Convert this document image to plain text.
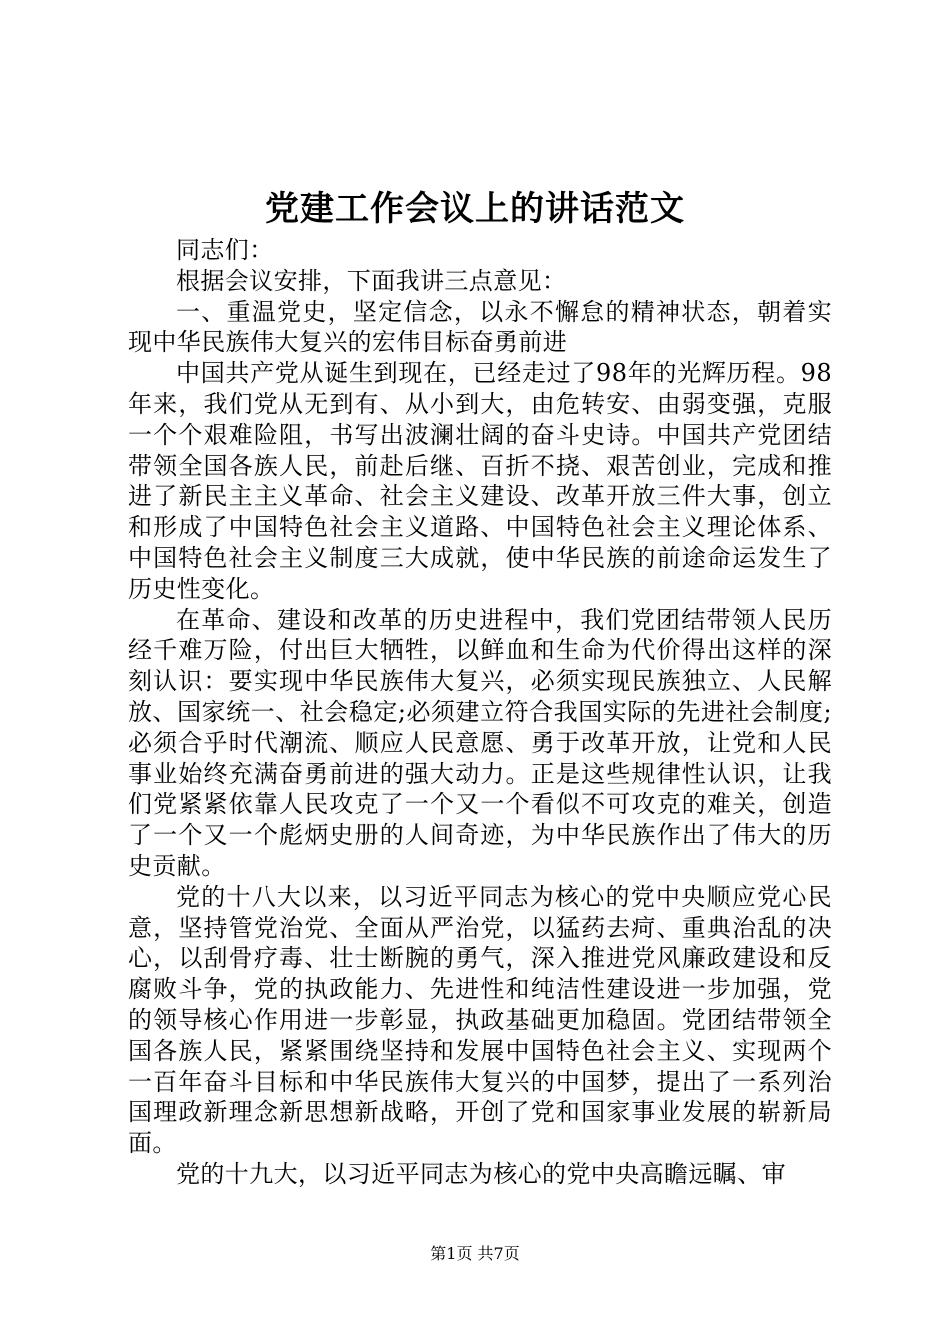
党建工作会议上的讲话范文

同志们：

根据会议安排，下面我讲三点意见：

一、重温党史，坚定信念，以永不懈怠的精神状态，朝着实现中华民族伟大复兴的宏伟目标奋勇前进

中国共产党从诞生到现在，已经走过了98年的光辉历程。98年来，我们党从无到有、从小到大，由危转安、由弱变强，克服一个个艰难险阻，书写出波澜壮阔的奋斗史诗。中国共产党团结带领全国各族人民，前赴后继、百折不挠、艰苦创业，完成和推进了新民主主义革命、社会主义建设、改革开放三件大事，创立和形成了中国特色社会主义道路、中国特色社会主义理论体系、中国特色社会主义制度三大成就，使中华民族的前途命运发生了历史性变化。

在革命、建设和改革的历史进程中，我们党团结带领人民历经千难万险，付出巨大牺牲，以鲜血和生命为代价得出这样的深刻认识：要实现中华民族伟大复兴，必须实现民族独立、人民解放、国家统一、社会稳定;必须建立符合我国实际的先进社会制度;必须合乎时代潮流、顺应人民意愿、勇于改革开放，让党和人民事业始终充满奋勇前进的强大动力。正是这些规律性认识，让我们党紧紧依靠人民攻克了一个又一个看似不可攻克的难关，创造了一个又一个彪炳史册的人间奇迹，为中华民族作出了伟大的历史贡献。

党的十八大以来，以习近平同志为核心的党中央顺应党心民意，坚持管党治党、全面从严治党，以猛药去疴、重典治乱的决心，以刮骨疗毒、壮士断腕的勇气，深入推进党风廉政建设和反腐败斗争，党的执政能力、先进性和纯洁性建设进一步加强，党的领导核心作用进一步彰显，执政基础更加稳固。党团结带领全国各族人民，紧紧围绕坚持和发展中国特色社会主义、实现两个一百年奋斗目标和中华民族伟大复兴的中国梦，提出了一系列治国理政新理念新思想新战略，开创了党和国家事业发展的崭新局面。

党的十九大，以习近平同志为核心的党中央高瞻远瞩、审

第1页 共7页
